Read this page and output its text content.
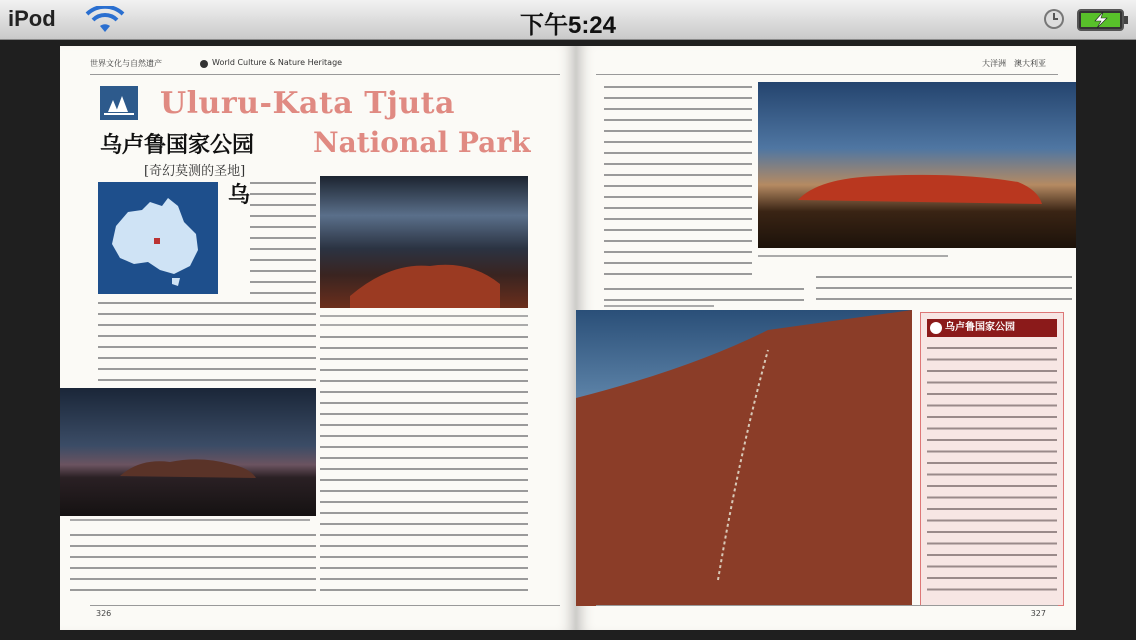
iPod	下午5:24
世界文化与自然遗产	World Culture & Nature Heritage
Uluru-Kata Tjuta
乌卢鲁国家公园 National Park
[奇幻莫测的圣地]
乌
326
大洋洲　澳大利亚
乌卢鲁国家公园
327
